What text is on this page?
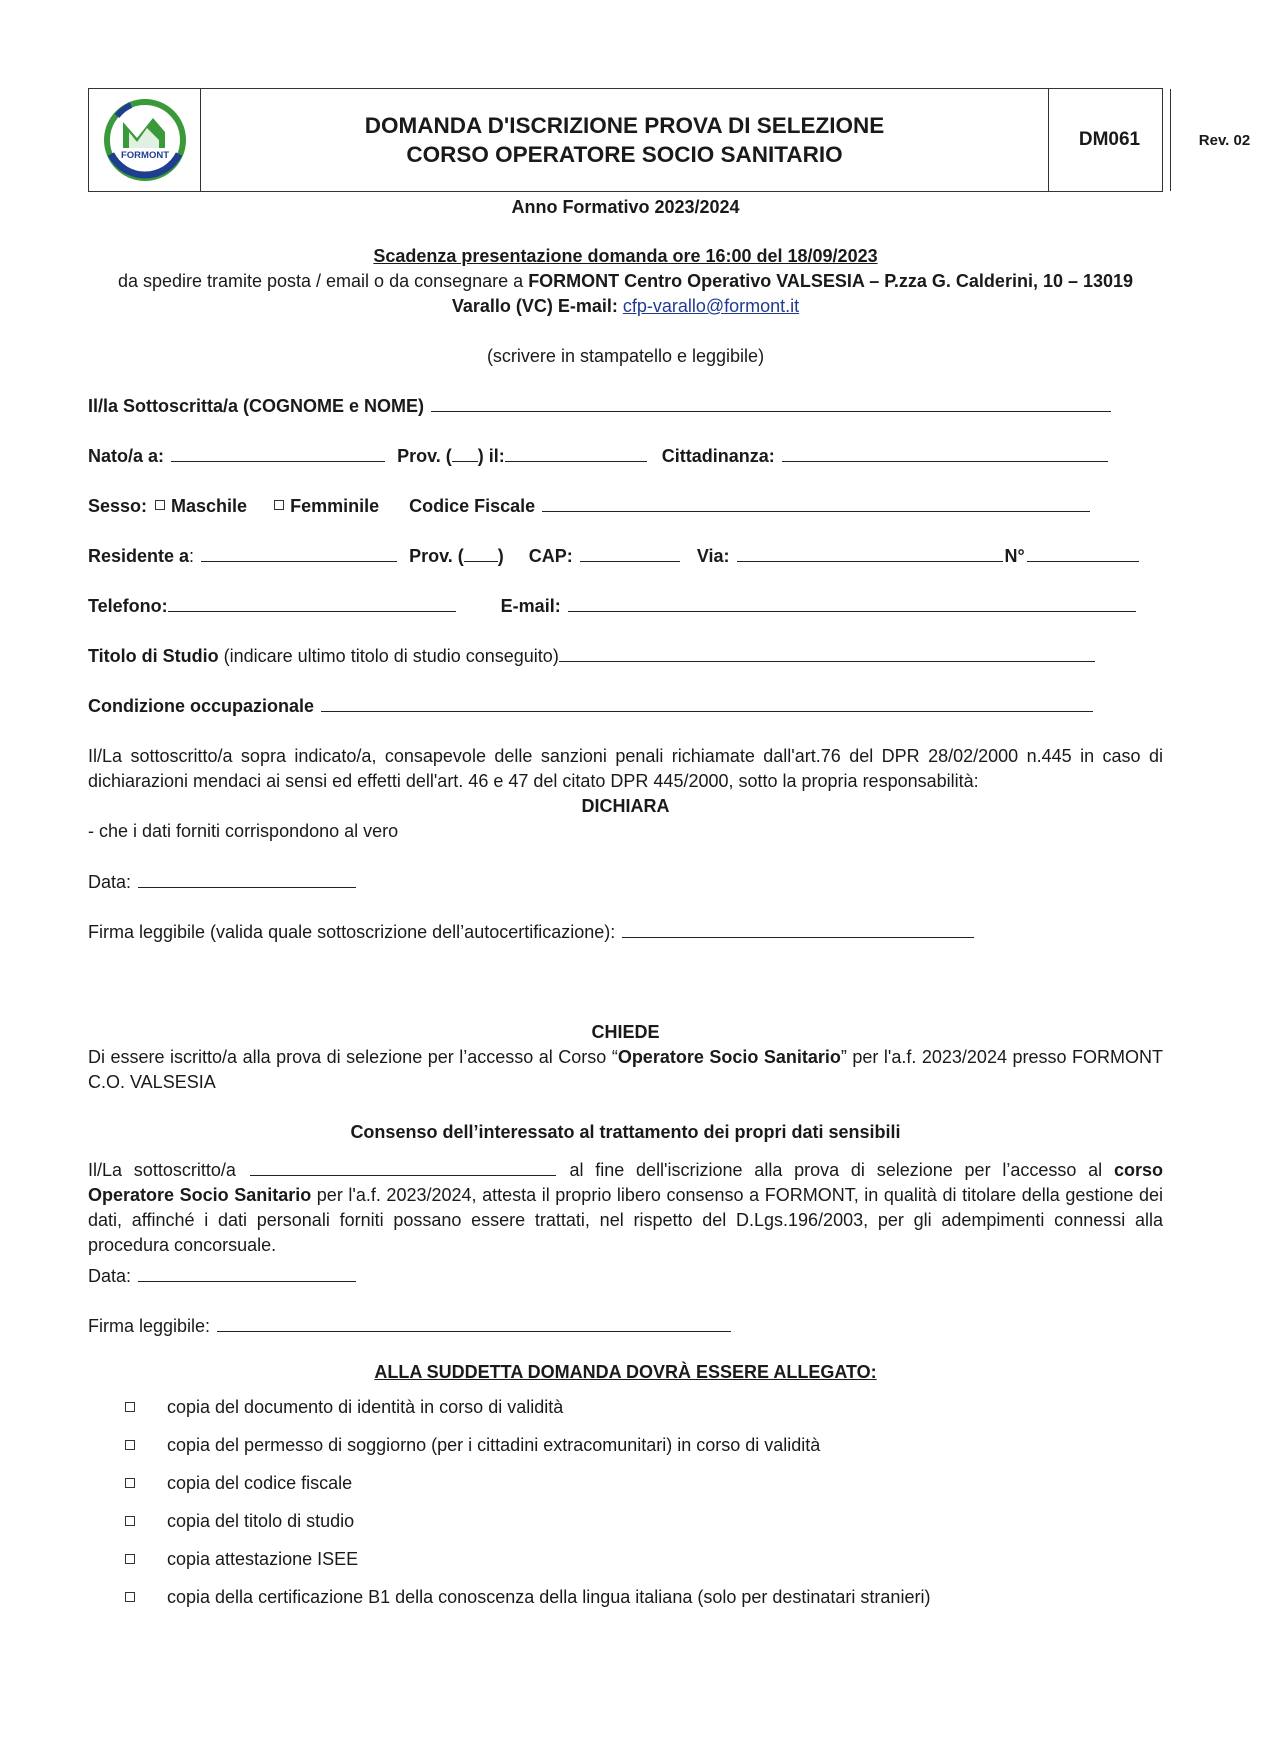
FORMONT
DOMANDA D'ISCRIZIONE PROVA DI SELEZIONE
CORSO OPERATORE SOCIO SANITARIO
DM061	Rev. 02
Anno Formativo 2023/2024
Scadenza presentazione domanda ore 16:00 del 18/09/2023
da spedire tramite posta / email o da consegnare a FORMONT Centro Operativo VALSESIA – P.zza G. Calderini, 10 – 13019
Varallo (VC) E-mail: cfp-varallo@formont.it
(scrivere in stampatello e leggibile)
Il/la Sottoscritta/a (COGNOME e NOME)
Nato/a a:	Prov. ( ) il:	Cittadinanza:
Sesso: Maschile Femminile Codice Fiscale
Residente a:	Prov. ( ) CAP:	Via:	N°
Telefono:	E-mail:
Titolo di Studio (indicare ultimo titolo di studio conseguito)
Condizione occupazionale
Il/La sottoscritto/a sopra indicato/a, consapevole delle sanzioni penali richiamate dall'art.76 del DPR 28/02/2000 n.445 in caso di dichiarazioni mendaci ai sensi ed effetti dell'art. 46 e 47 del citato DPR 445/2000, sotto la propria responsabilità:
DICHIARA
- che i dati forniti corrispondono al vero
Data:
Firma leggibile (valida quale sottoscrizione dell’autocertificazione):
CHIEDE
Di essere iscritto/a alla prova di selezione per l’accesso al Corso “Operatore Socio Sanitario” per l'a.f. 2023/2024 presso FORMONT C.O. VALSESIA
Consenso dell’interessato al trattamento dei propri dati sensibili
Il/La sottoscritto/a	al fine dell'iscrizione alla prova di selezione per l’accesso al corso Operatore Socio Sanitario per l'a.f. 2023/2024, attesta il proprio libero consenso a FORMONT, in qualità di titolare della gestione dei dati, affinché i dati personali forniti possano essere trattati, nel rispetto del D.Lgs.196/2003, per gli adempimenti connessi alla procedura concorsuale.
Data:
Firma leggibile:
ALLA SUDDETTA DOMANDA DOVRÀ ESSERE ALLEGATO:
copia del documento di identità in corso di validità
copia del permesso di soggiorno (per i cittadini extracomunitari) in corso di validità
copia del codice fiscale
copia del titolo di studio
copia attestazione ISEE
copia della certificazione B1 della conoscenza della lingua italiana (solo per destinatari stranieri)
